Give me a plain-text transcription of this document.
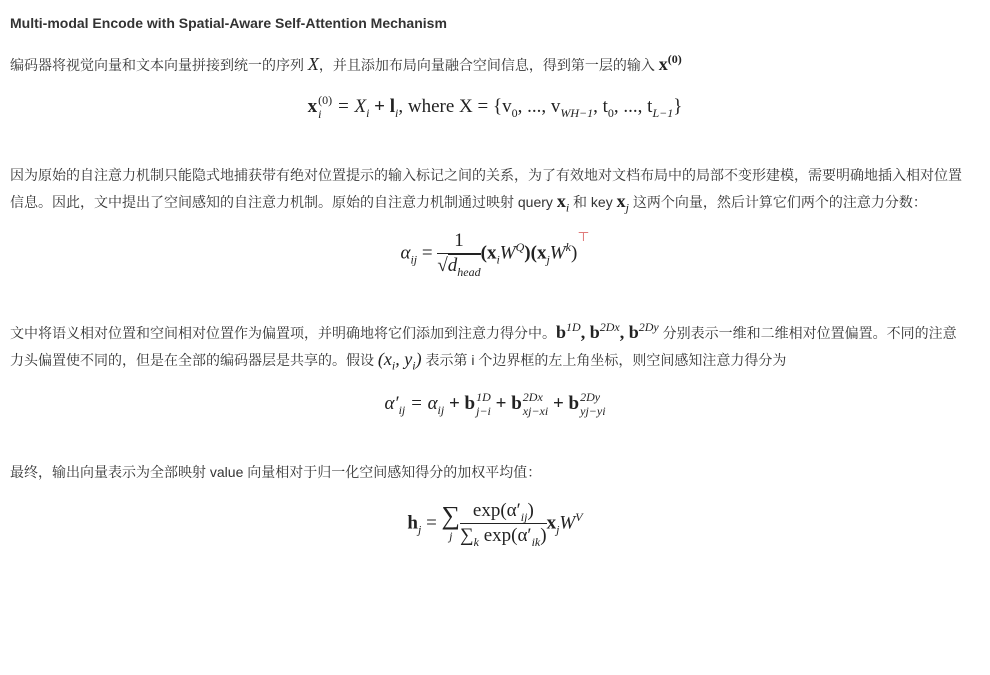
Multi-modal Encode with Spatial-Aware Self-Attention Mechanism
编码器将视觉向量和文本向量拼接到统一的序列 X，并且添加布局向量融合空间信息，得到第一层的输入 $x^{(0)}$
x (0)
$i = X_i + l_i$, where $X = \{v_0$, ..., $v_{WH-1}$, $t_0$, ..., $t_{L-1}$}
因为原始的自注意力机制只能隐式地捕获带有绝对位置提示的输入标记之间的关系，为了有效地对文档布局中的局部不变形建模，需要明确地插入相对位置信息。因此，文中提出了空间感知的自注意力机制。原始的自注意力机制通过映射 query $x_i$ 和 key $x_j$ 这两个向量，然后计算它们两个的注意力分数：
$\alpha_{ij} = \frac{1}{√d_{head}} (x_iW^Q)(x_jW^k)^⊤$
文中将语义相对位置和空间相对位置作为偏置项，并明确地将它们添加到注意力得分中。$b^{1D}$, $b^{2Dx}$, $b^{2Dy}$ 分别表示一维和二维相对位置偏置。不同的注意力头偏置使不同的，但是在全部的编码器层是共享的。假设 ($x_i$, $y_i$) 表示第 i 个边界框的左上角坐标，则空间感知注意力得分为
$\alpha'_{ij} = \alpha_{ij} + b$ 1D
j−i + b 2Dx
xj−xi + b 2Dy
yj−yi
最终，输出向量表示为全部映射 value 向量相对于归一化空间感知得分的加权平均值：
$h_j$ = ∑
j $\frac{\exp(\alpha'_{ij})}{\sum_k \exp(\alpha'_{ik})} x_jW^V$
